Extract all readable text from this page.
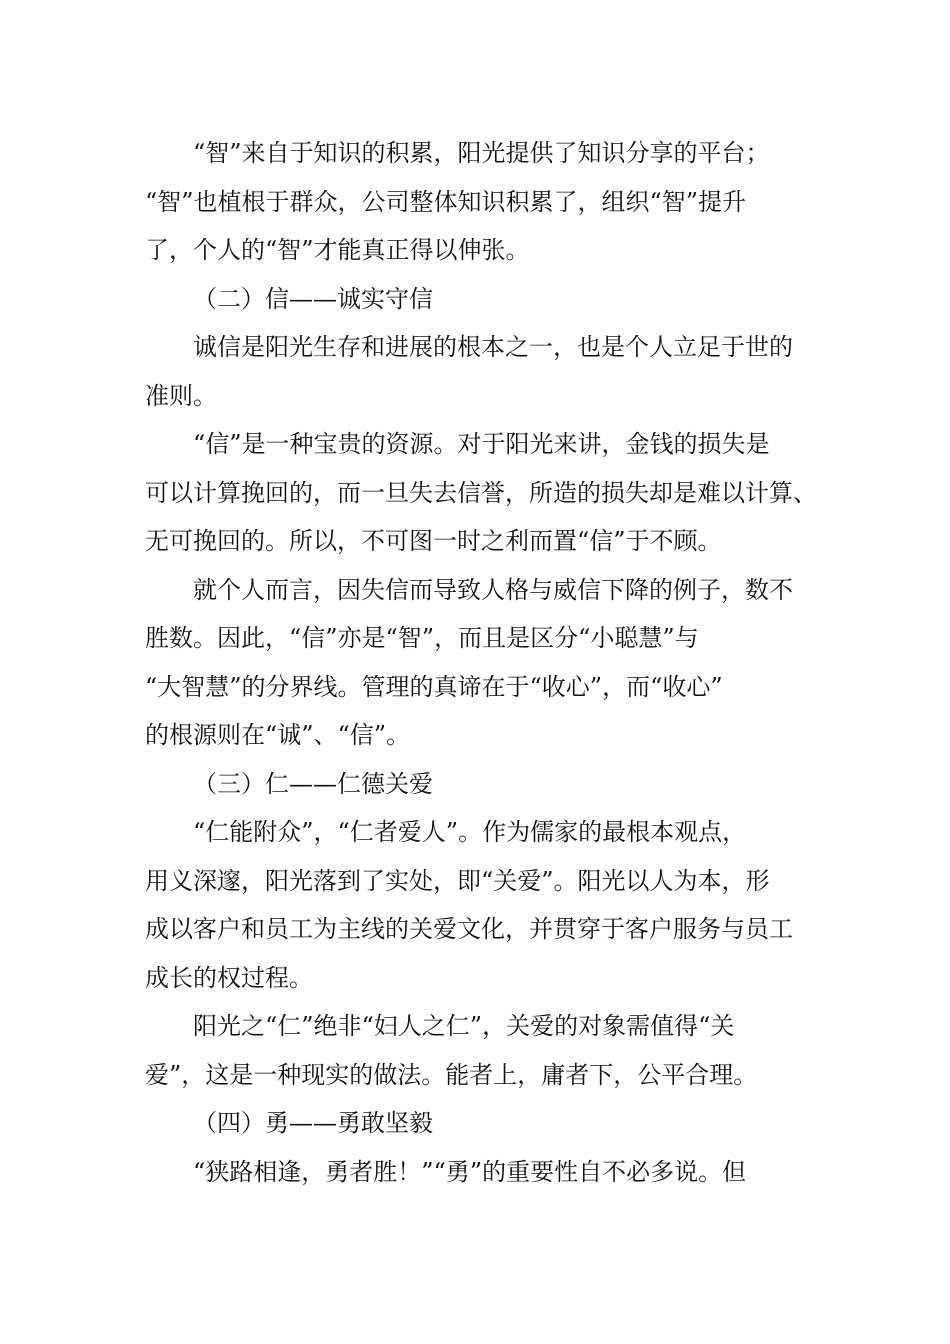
“智”来自于知识的积累，阳光提供了知识分享的平台；
“智”也植根于群众，公司整体知识积累了，组织“智”提升
了，个人的“智”才能真正得以伸张。
（二）信——诚实守信
诚信是阳光生存和进展的根本之一，也是个人立足于世的
准则。
“信”是一种宝贵的资源。对于阳光来讲，金钱的损失是
可以计算挽回的，而一旦失去信誉，所造的损失却是难以计算、
无可挽回的。所以，不可图一时之利而置“信”于不顾。
就个人而言，因失信而导致人格与威信下降的例子，数不
胜数。因此，“信”亦是“智”，而且是区分“小聪慧”与
“大智慧”的分界线。管理的真谛在于“收心”，而“收心”
的根源则在“诚”、“信”。
（三）仁——仁德关爱
“仁能附众”，“仁者爱人”。作为儒家的最根本观点，
用义深邃，阳光落到了实处，即“关爱”。阳光以人为本，形
成以客户和员工为主线的关爱文化，并贯穿于客户服务与员工
成长的权过程。
阳光之“仁”绝非“妇人之仁”，关爱的对象需值得“关
爱”，这是一种现实的做法。能者上，庸者下，公平合理。
（四）勇——勇敢坚毅
“狭路相逢，勇者胜！”“勇”的重要性自不必多说。但
